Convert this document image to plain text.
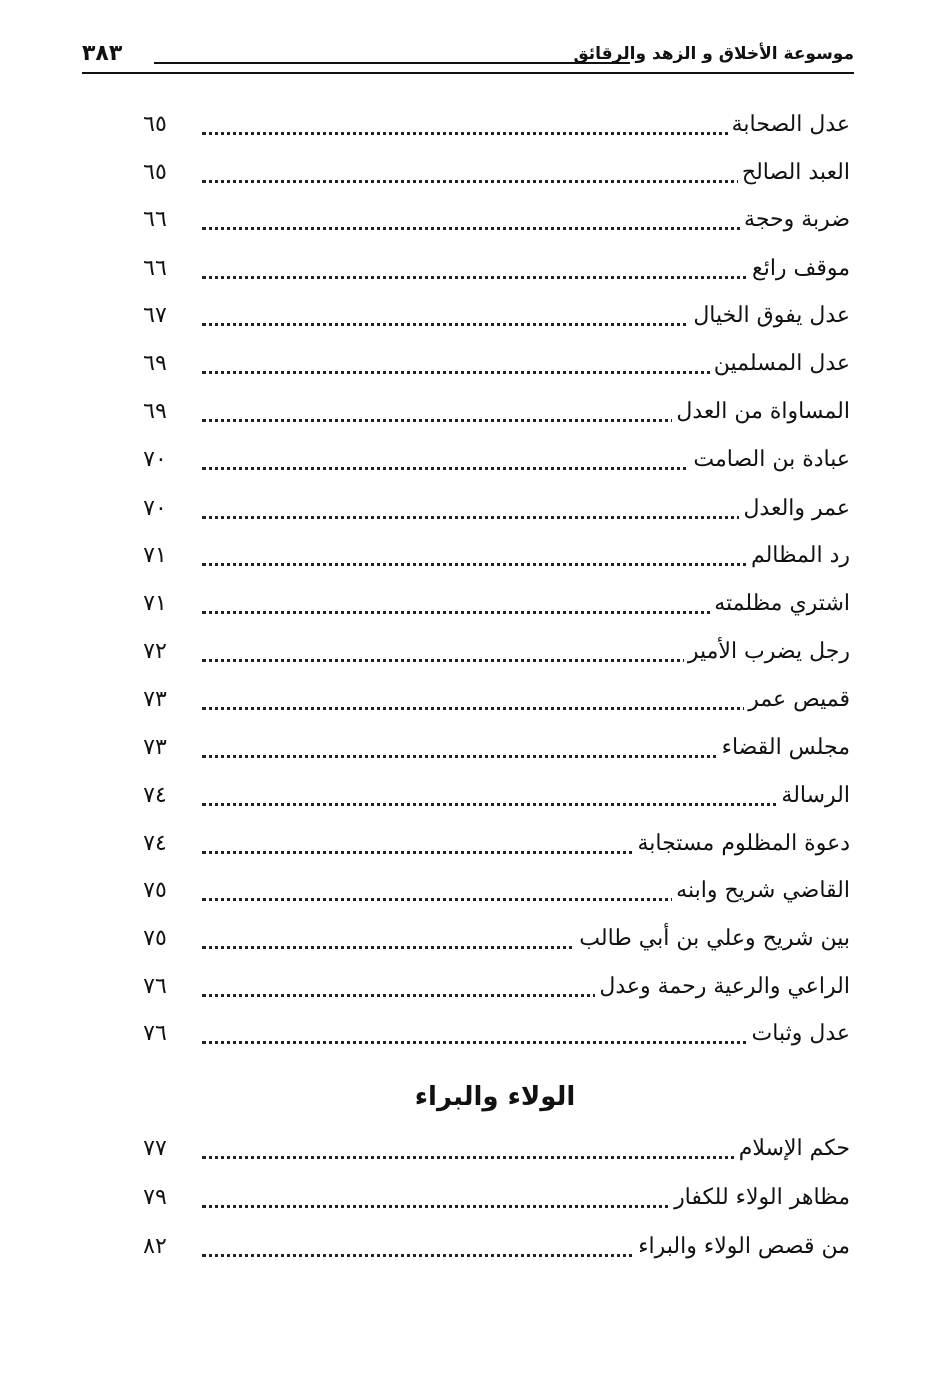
موسوعة الأخلاق و الزهد والرقائق
٣٨٣
عدل الصحابة
٦٥
العبد الصالح
٦٥
ضربة وحجة
٦٦
موقف رائع
٦٦
عدل يفوق الخيال
٦٧
عدل المسلمين
٦٩
المساواة من العدل
٦٩
عبادة بن الصامت
٧٠
عمر والعدل
٧٠
رد المظالم
٧١
اشتري مظلمته
٧١
رجل يضرب الأمير
٧٢
قميص عمر
٧٣
مجلس القضاء
٧٣
الرسالة
٧٤
دعوة المظلوم مستجابة
٧٤
القاضي شريح وابنه
٧٥
بين شريح وعلي بن أبي طالب
٧٥
الراعي والرعية رحمة وعدل
٧٦
عدل وثبات
٧٦
الولاء والبراء
حكم الإسلام
٧٧
مظاهر الولاء للكفار
٧٩
من قصص الولاء والبراء
٨٢
